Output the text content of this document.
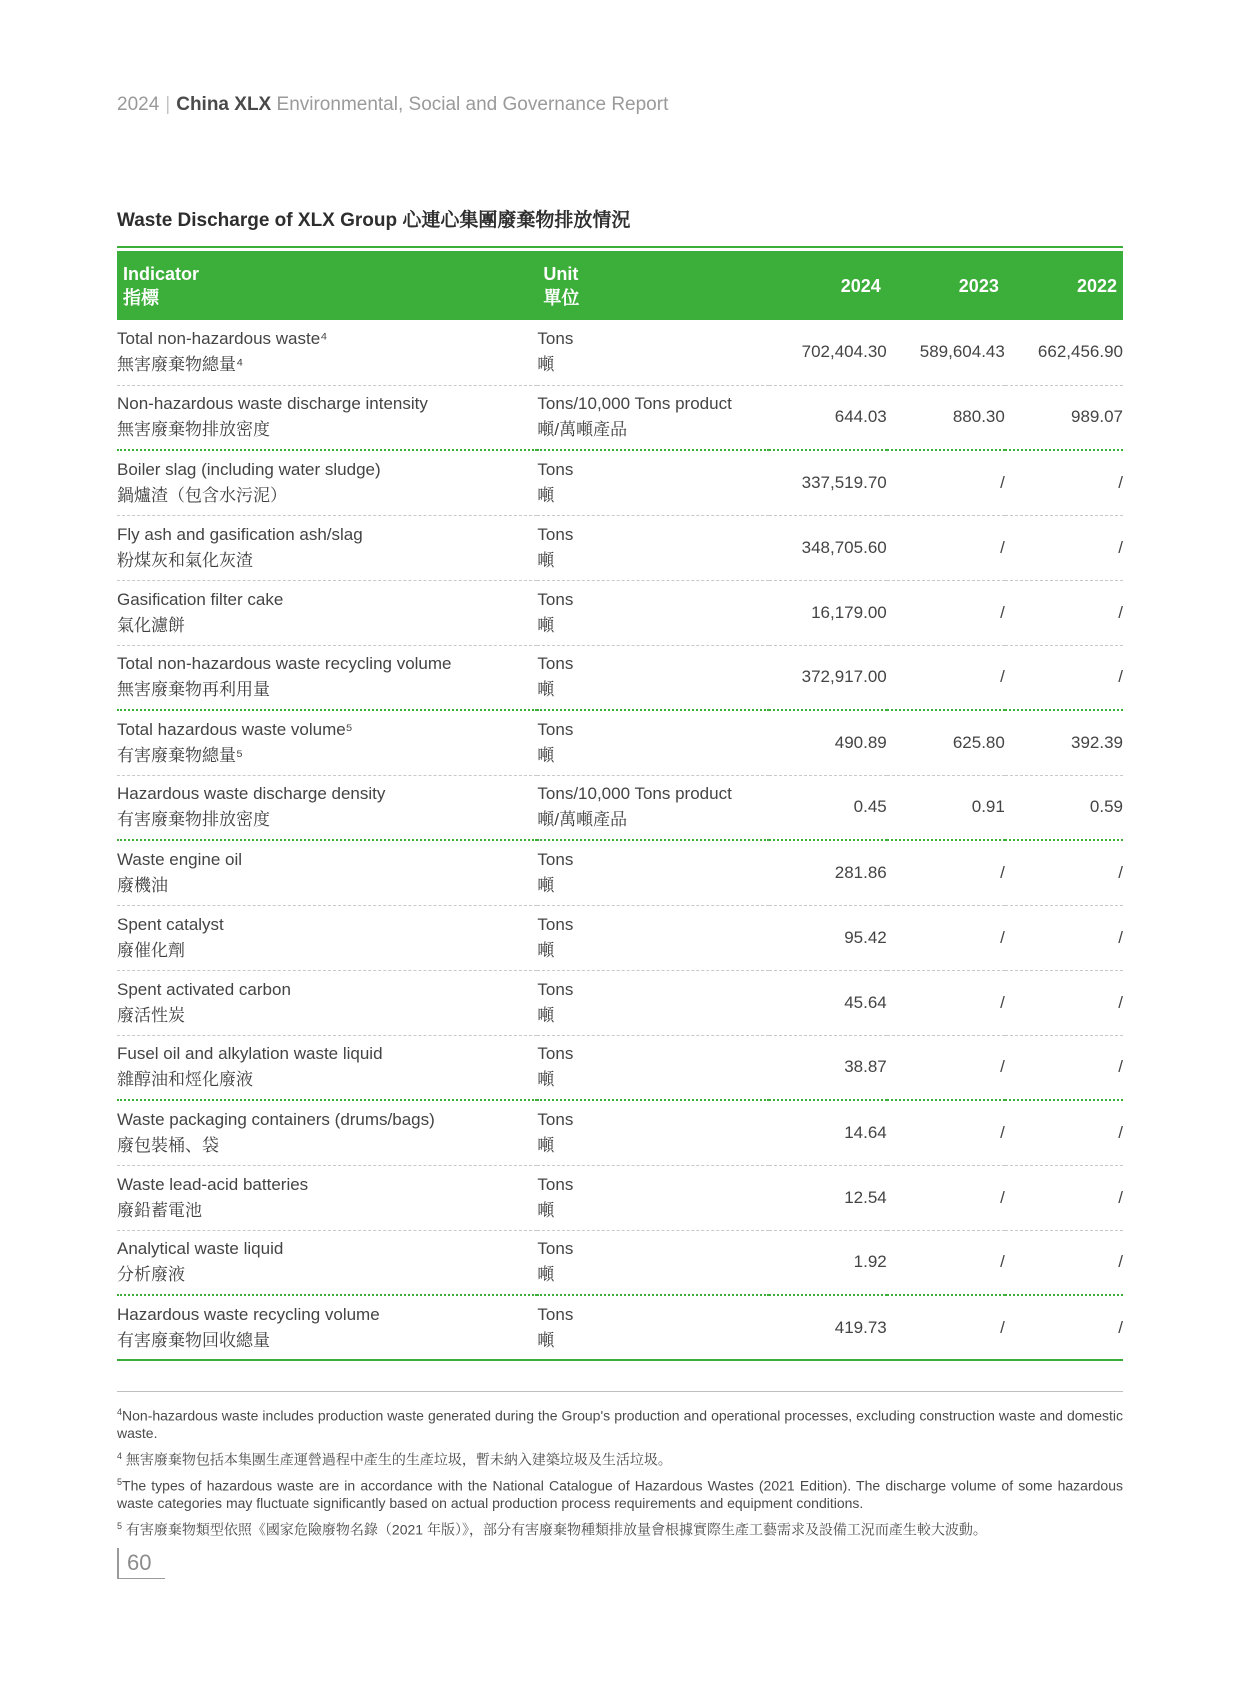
2024 | China XLX Environmental, Social and Governance Report
Waste Discharge of XLX Group 心連心集團廢棄物排放情況
Indicator
指標	Unit
單位	2024	2023	2022

Total non-hazardous waste⁴
無害廢棄物總量⁴	Tons
噸	702,404.30	589,604.43	662,456.90

Non-hazardous waste discharge intensity
無害廢棄物排放密度	Tons/10,000 Tons product
噸/萬噸產品	644.03	880.30	989.07

Boiler slag (including water sludge)
鍋爐渣（包含水污泥）	Tons
噸	337,519.70	/	/

Fly ash and gasification ash/slag
粉煤灰和氣化灰渣	Tons
噸	348,705.60	/	/

Gasification filter cake
氣化濾餅	Tons
噸	16,179.00	/	/

Total non-hazardous waste recycling volume
無害廢棄物再利用量	Tons
噸	372,917.00	/	/

Total hazardous waste volume⁵
有害廢棄物總量⁵	Tons
噸	490.89	625.80	392.39

Hazardous waste discharge density
有害廢棄物排放密度	Tons/10,000 Tons product
噸/萬噸產品	0.45	0.91	0.59

Waste engine oil
廢機油	Tons
噸	281.86	/	/

Spent catalyst
廢催化劑	Tons
噸	95.42	/	/

Spent activated carbon
廢活性炭	Tons
噸	45.64	/	/

Fusel oil and alkylation waste liquid
雜醇油和烴化廢液	Tons
噸	38.87	/	/

Waste packaging containers (drums/bags)
廢包裝桶、袋	Tons
噸	14.64	/	/

Waste lead-acid batteries
廢鉛蓄電池	Tons
噸	12.54	/	/

Analytical waste liquid
分析廢液	Tons
噸	1.92	/	/

Hazardous waste recycling volume
有害廢棄物回收總量	Tons
噸	419.73	/	/

$^4$Non-hazardous waste includes production waste generated during the Group's production and operational processes, excluding construction waste and domestic waste.

$^4$ 無害廢棄物包括本集團生產運營過程中產生的生產垃圾，暫未納入建築垃圾及生活垃圾。

$^5$The types of hazardous waste are in accordance with the National Catalogue of Hazardous Wastes (2021 Edition). The discharge volume of some hazardous waste categories may fluctuate significantly based on actual production process requirements and equipment conditions.

$^5$ 有害廢棄物類型依照《國家危險廢物名錄（2021 年版）》，部分有害廢棄物種類排放量會根據實際生產工藝需求及設備工況而產生較大波動。

60
